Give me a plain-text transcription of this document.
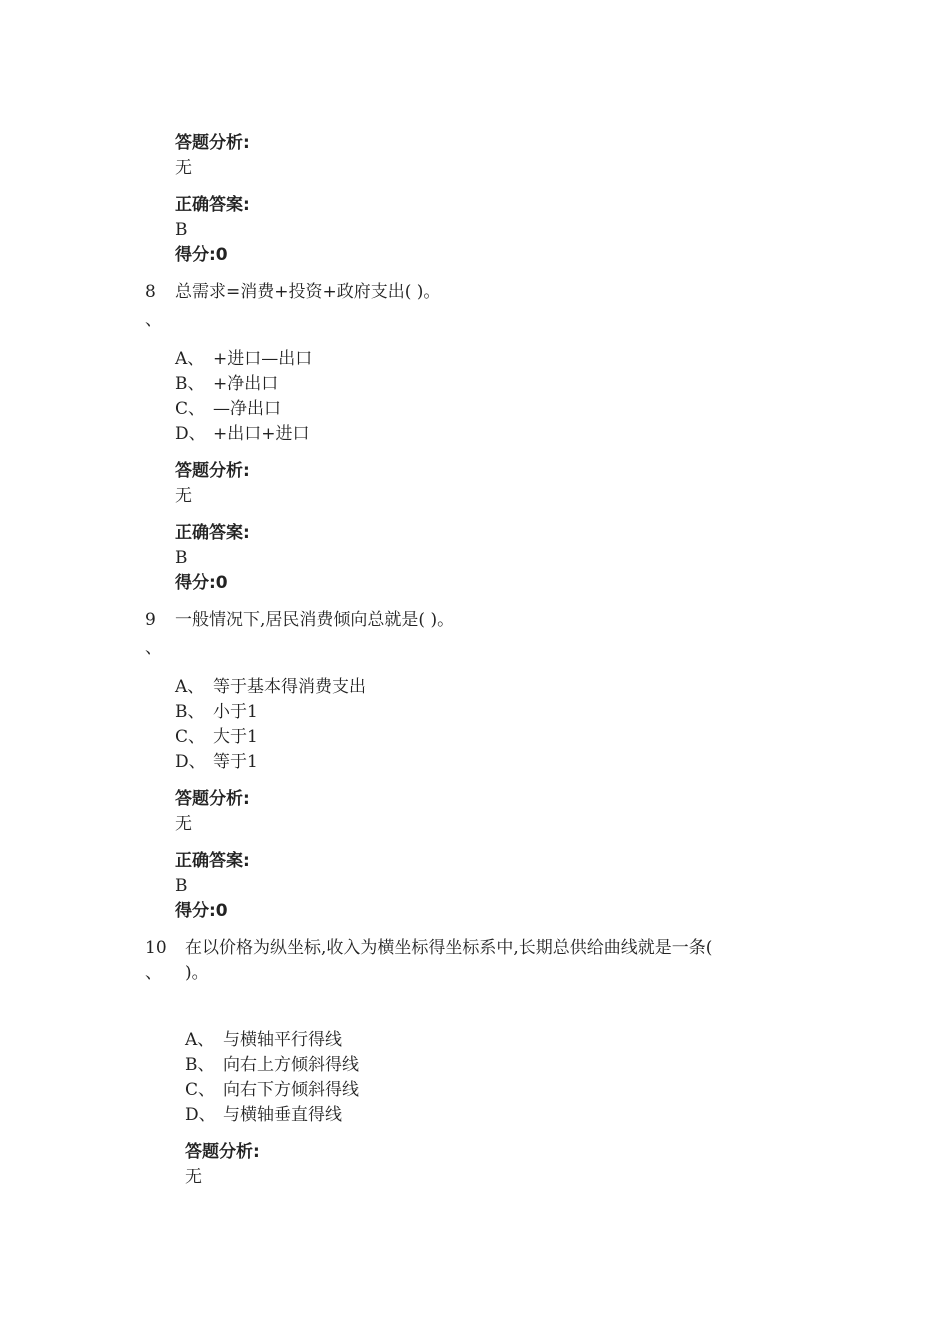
答题分析:
无
正确答案:
B
得分:0
8
、
总需求=消费+投资+政府支出( )。
A、 +进口—出口
B、 +净出口
C、 —净出口
D、 +出口+进口
答题分析:
无
正确答案:
B
得分:0
9
、
一般情况下,居民消费倾向总就是( )。
A、 等于基本得消费支出
B、 小于1
C、 大于1
D、 等于1
答题分析:
无
正确答案:
B
得分:0
10
、
在以价格为纵坐标,收入为横坐标得坐标系中,长期总供给曲线就是一条(
)。
A、 与横轴平行得线
B、 向右上方倾斜得线
C、 向右下方倾斜得线
D、 与横轴垂直得线
答题分析:
无
